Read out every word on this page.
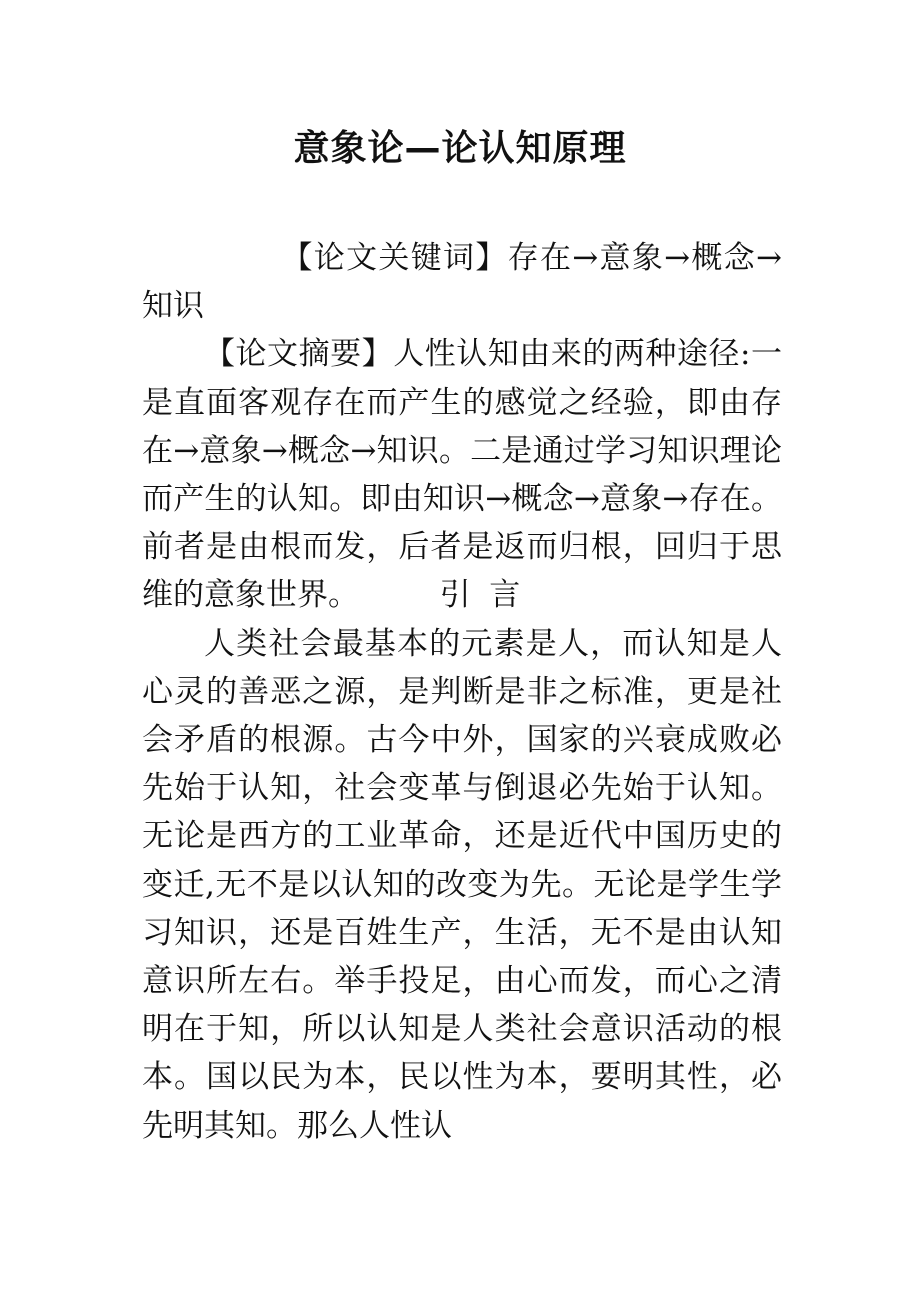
意象论—论认知原理

【论文关键词】存在→意象→概念→知识

【论文摘要】人性认知由来的两种途径:一是直面客观存在而产生的感觉之经验，即由存在→意象→概念→知识。二是通过学习知识理论而产生的认知。即由知识→概念→意象→存在。前者是由根而发，后者是返而归根，回归于思维的意象世界。	引言

人类社会最基本的元素是人，而认知是人心灵的善恶之源，是判断是非之标准，更是社会矛盾的根源。古今中外，国家的兴衰成败必先始于认知，社会变革与倒退必先始于认知。无论是西方的工业革命，还是近代中国历史的变迁,无不是以认知的改变为先。无论是学生学习知识，还是百姓生产，生活，无不是由认知意识所左右。举手投足，由心而发，而心之清明在于知，所以认知是人类社会意识活动的根本。国以民为本，民以性为本，要明其性，必先明其知。那么人性认
